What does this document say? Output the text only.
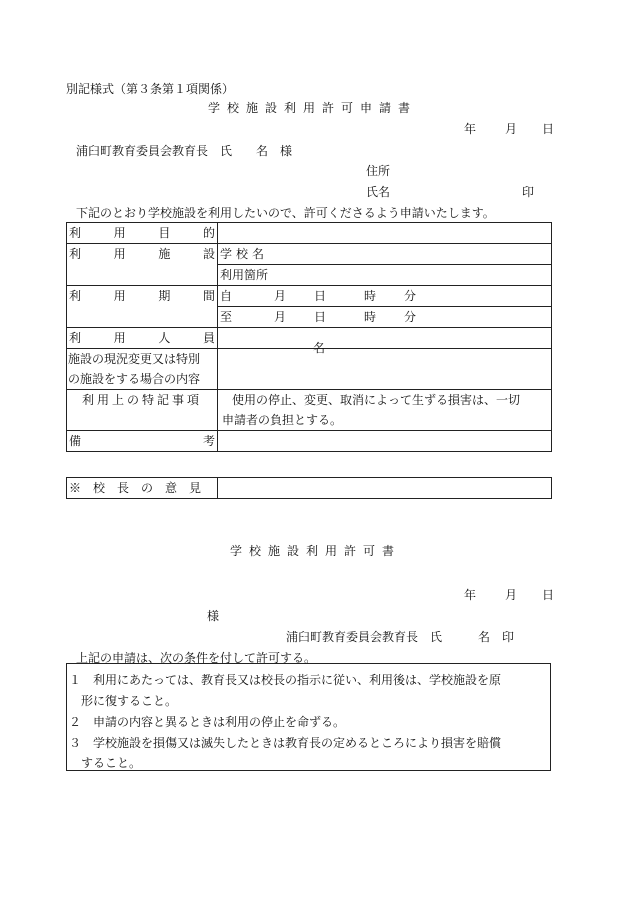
別記様式（第３条第１項関係）
学校施設利用許可申請書
年 月 日
浦臼町教育委員会教育長　氏　　名　様
住所
氏名	印
下記のとおり学校施設を利用したいので、許可くださるよう申請いたします。
利 用 目 的	

利 用 施 設	学校名
	利用箇所

利 用 期 間	自 月 日 時 分

	至 月 日 時 分

利 用 人 員	名

施設の現況変更又は特別
の施設をする場合の内容	

利用上の特記事項	使用の停止、変更、取消によって生ずる損害は、一切
申請者の負担とする。

備 考	

※　校　長　の　意　見	
学校施設利用許可書
年 月 日
様
浦臼町教育委員会教育長　氏　　　名　印
上記の申請は、次の条件を付して許可する。
１　利用にあたっては、教育長又は校長の指示に従い、利用後は、学校施設を原
形に復すること。
２　申請の内容と異るときは利用の停止を命ずる。
３　学校施設を損傷又は滅失したときは教育長の定めるところにより損害を賠償
すること。
